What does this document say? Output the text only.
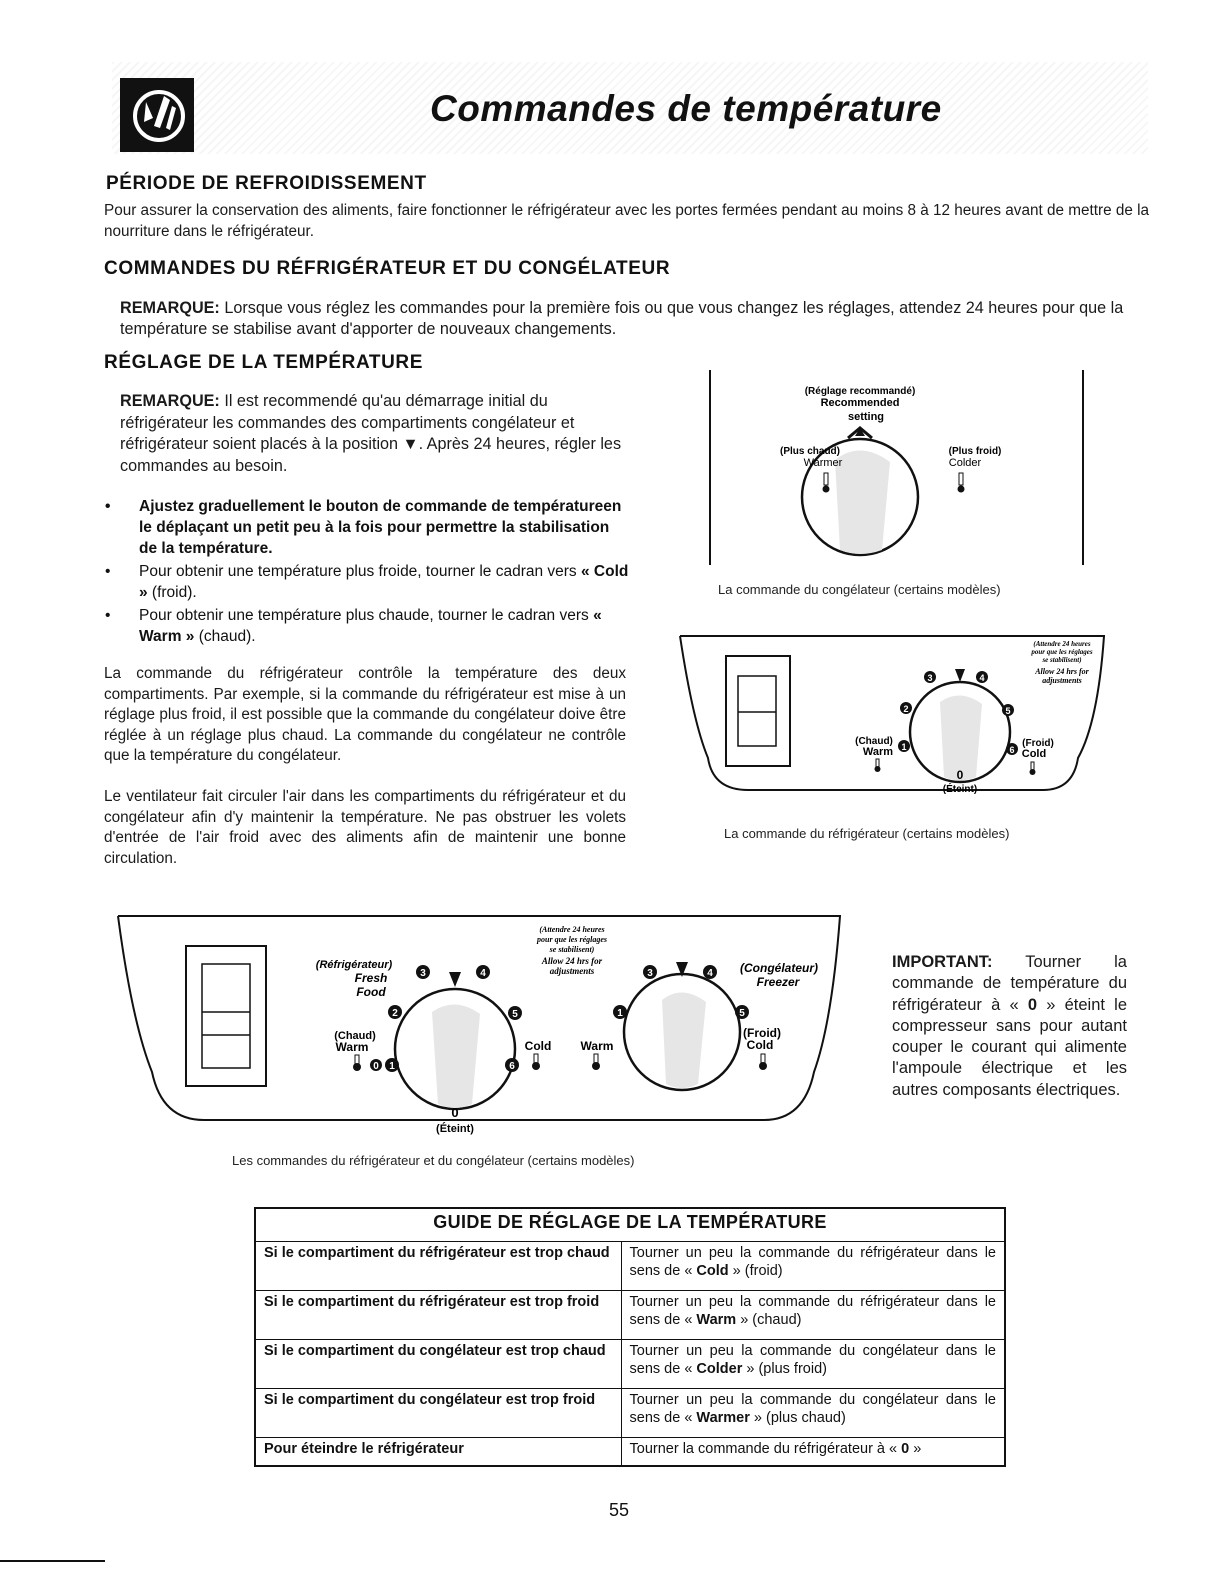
Commandes de température
PÉRIODE DE REFROIDISSEMENT
Pour assurer la conservation des aliments, faire fonctionner le réfrigérateur avec les portes fermées pendant au moins 8 à 12 heures avant de mettre de la nourriture dans le réfrigérateur.
COMMANDES DU RÉFRIGÉRATEUR ET DU CONGÉLATEUR
REMARQUE: Lorsque vous réglez les commandes pour la première fois ou que vous changez les réglages, attendez 24 heures pour que la température se stabilise avant d'apporter de nouveaux changements.
RÉGLAGE DE LA TEMPÉRATURE
REMARQUE: Il est recommendé qu'au démarrage initial du réfrigérateur les commandes des compartiments congélateur et réfrigérateur soient placés à la position ▼. Après 24 heures, régler les commandes au besoin.
• Ajustez graduellement le bouton de commande de températureen le déplaçant un petit peu à la fois pour permettre la stabilisation de la température.
• Pour obtenir une température plus froide, tourner le cadran vers « Cold » (froid).
• Pour obtenir une température plus chaude, tourner le cadran vers « Warm » (chaud).
La commande du réfrigérateur contrôle la température des deux compartiments. Par exemple, si la commande du réfrigérateur est mise à un réglage plus froid, il est possible que la commande du congélateur doive être réglée à un réglage plus chaud. La commande du congélateur ne contrôle que la température du congélateur.
Le ventilateur fait circuler l'air dans les compartiments du réfrigérateur et du congélateur afin d'y maintenir la température. Ne pas obstruer les volets d'entrée de l'air froid avec des aliments afin de maintenir une bonne circulation.
(Réglage recommandé)
Recommended
setting
(Plus chaud)
Warmer
(Plus froid)
Colder
La commande du congélateur (certains modèles)
3	4
2	5
1	6
0
(Éteint)
(Chaud)
Warm
(Froid)
Cold
(Attendre 24 heures
pour que les réglages
se stabilisent)
Allow 24 hrs for
adjustments
La commande du réfrigérateur (certains modèles)
3	4
2	5
1	6
0
(Éteint)
3	4
1	5
(Réfrigérateur)
Fresh
Food
(Chaud)
Warm	Cold Warm
(Congélateur)
Freezer
(Froid)
Cold
0
(Attendre 24 heures
pour que les réglages
se stabilisent)
Allow 24 hrs for
adjustments
Les commandes du réfrigérateur et du congélateur (certains modèles)
IMPORTANT: Tourner la commande de température du réfrigérateur à « 0 » éteint le compresseur sans pour autant couper le courant qui alimente l'ampoule électrique et les autres composants électriques.
GUIDE DE RÉGLAGE DE LA TEMPÉRATURE	
Si le compartiment du réfrigérateur est trop chaud	Tourner un peu la commande du réfrigérateur dans le sens de « Cold » (froid)
Si le compartiment du réfrigérateur est trop froid	Tourner un peu la commande du réfrigérateur dans le sens de « Warm » (chaud)
Si le compartiment du congélateur est trop chaud	Tourner un peu la commande du congélateur dans le sens de « Colder » (plus froid)
Si le compartiment du congélateur est trop froid	Tourner un peu la commande du congélateur dans le sens de « Warmer » (plus chaud)
Pour éteindre le réfrigérateur	Tourner la commande du réfrigérateur à « 0 »
55
